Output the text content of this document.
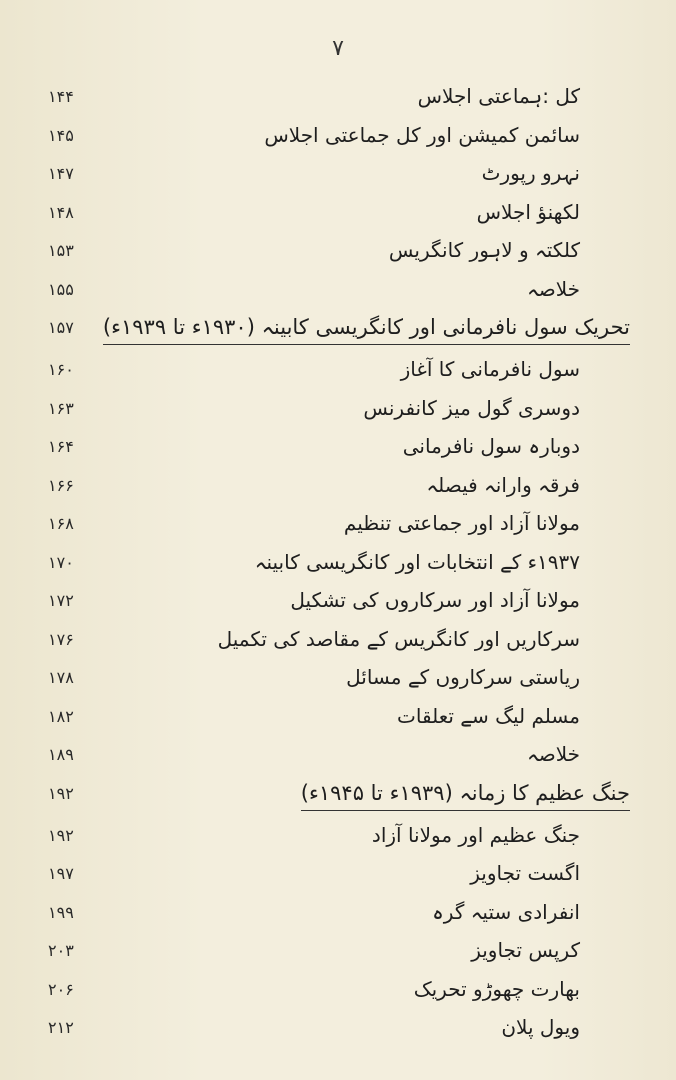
٧
کل :ہماعتی اجلاس
۱۴۴
سائمن کمیشن اور کل جماعتی اجلاس
۱۴۵
نہرو رپورٹ
۱۴۷
لکھنؤ اجلاس
۱۴۸
کلکتہ و لاہور کانگریس
۱۵۳
خلاصہ
۱۵۵
تحریک سول نافرمانی اور کانگریسی کابینہ (۱۹۳۰ء تا ۱۹۳۹ء)
۱۵۷
سول نافرمانی کا آغاز
۱۶۰
دوسری گول میز کانفرنس
۱۶۳
دوبارہ سول نافرمانی
۱۶۴
فرقہ وارانہ فیصلہ
۱۶۶
مولانا آزاد اور جماعتی تنظیم
۱۶۸
۱۹۳۷ء کے انتخابات اور کانگریسی کابینہ
۱۷۰
مولانا آزاد اور سرکاروں کی تشکیل
۱۷۲
سرکاریں اور کانگریس کے مقاصد کی تکمیل
۱۷۶
ریاستی سرکاروں کے مسائل
۱۷۸
مسلم لیگ سے تعلقات
۱۸۲
خلاصہ
۱۸۹
جنگ عظیم کا زمانہ (۱۹۳۹ء تا ۱۹۴۵ء)
۱۹۲
جنگ عظیم اور مولانا آزاد
۱۹۲
اگست تجاویز
۱۹۷
انفرادی ستیہ گرہ
۱۹۹
کرپس تجاویز
۲۰۳
بھارت چھوڑو تحریک
۲۰۶
ویول پلان
۲۱۲
